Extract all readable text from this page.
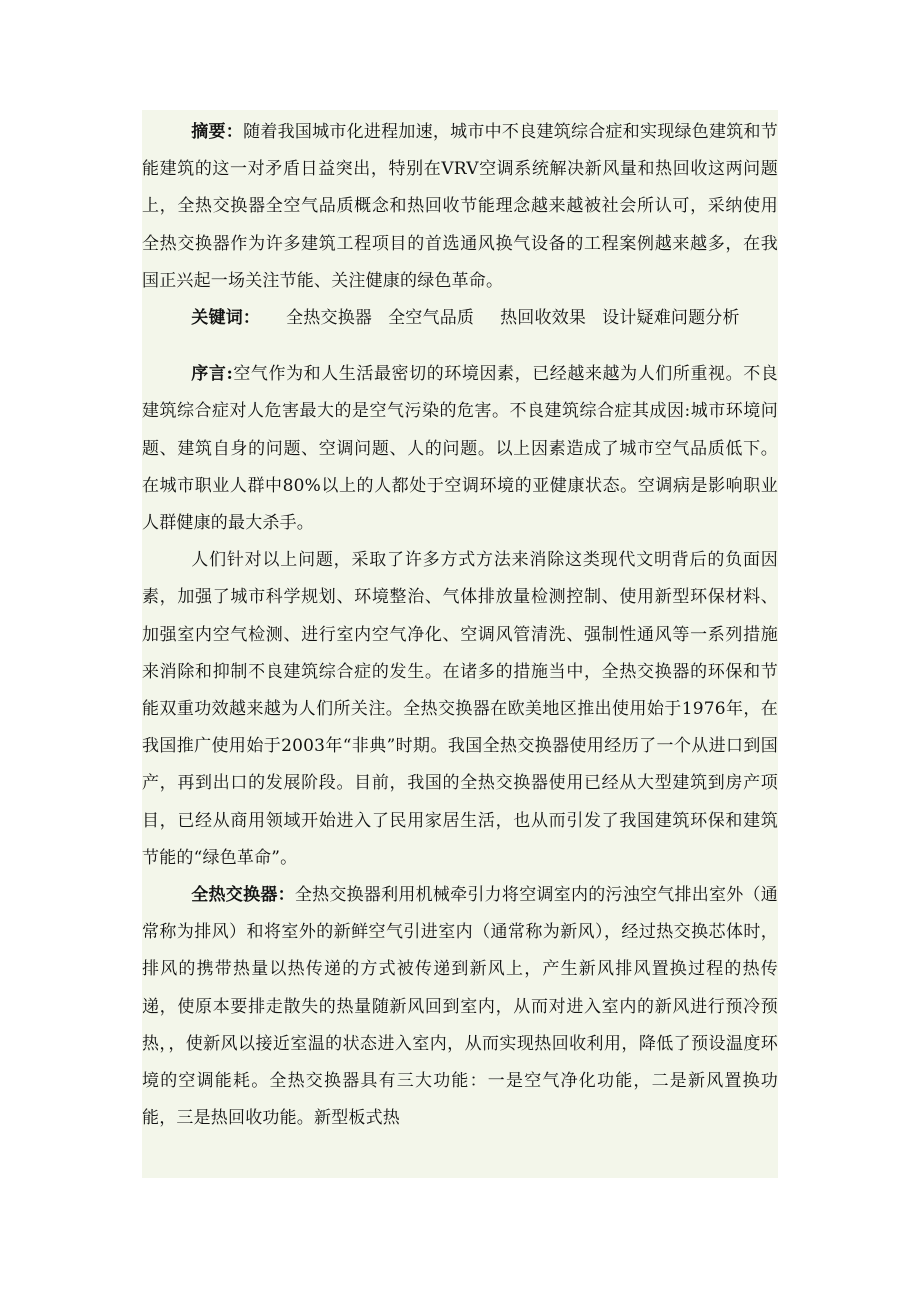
摘要：随着我国城市化进程加速，城市中不良建筑综合症和实现绿色建筑和节能建筑的这一对矛盾日益突出，特别在VRV空调系统解决新风量和热回收这两问题上，全热交换器全空气品质概念和热回收节能理念越来越被社会所认可，采纳使用全热交换器作为许多建筑工程项目的首选通风换气设备的工程案例越来越多，在我国正兴起一场关注节能、关注健康的绿色革命。

关键词： 全热交换器 全空气品质 热回收效果 设计疑难问题分析

序言:空气作为和人生活最密切的环境因素，已经越来越为人们所重视。不良建筑综合症对人危害最大的是空气污染的危害。不良建筑综合症其成因:城市环境问题、建筑自身的问题、空调问题、人的问题。以上因素造成了城市空气品质低下。在城市职业人群中80%以上的人都处于空调环境的亚健康状态。空调病是影响职业人群健康的最大杀手。

人们针对以上问题，采取了许多方式方法来消除这类现代文明背后的负面因素，加强了城市科学规划、环境整治、气体排放量检测控制、使用新型环保材料、加强室内空气检测、进行室内空气净化、空调风管清洗、强制性通风等一系列措施来消除和抑制不良建筑综合症的发生。在诸多的措施当中，全热交换器的环保和节能双重功效越来越为人们所关注。全热交换器在欧美地区推出使用始于1976年，在我国推广使用始于2003年“非典”时期。我国全热交换器使用经历了一个从进口到国产，再到出口的发展阶段。目前，我国的全热交换器使用已经从大型建筑到房产项目，已经从商用领域开始进入了民用家居生活，也从而引发了我国建筑环保和建筑节能的“绿色革命”。

全热交换器：全热交换器利用机械牵引力将空调室内的污浊空气排出室外（通常称为排风）和将室外的新鲜空气引进室内（通常称为新风），经过热交换芯体时，排风的携带热量以热传递的方式被传递到新风上，产生新风排风置换过程的热传递，使原本要排走散失的热量随新风回到室内，从而对进入室内的新风进行预冷预热，，使新风以接近室温的状态进入室内，从而实现热回收利用，降低了预设温度环境的空调能耗。全热交换器具有三大功能：一是空气净化功能，二是新风置换功能，三是热回收功能。新型板式热
